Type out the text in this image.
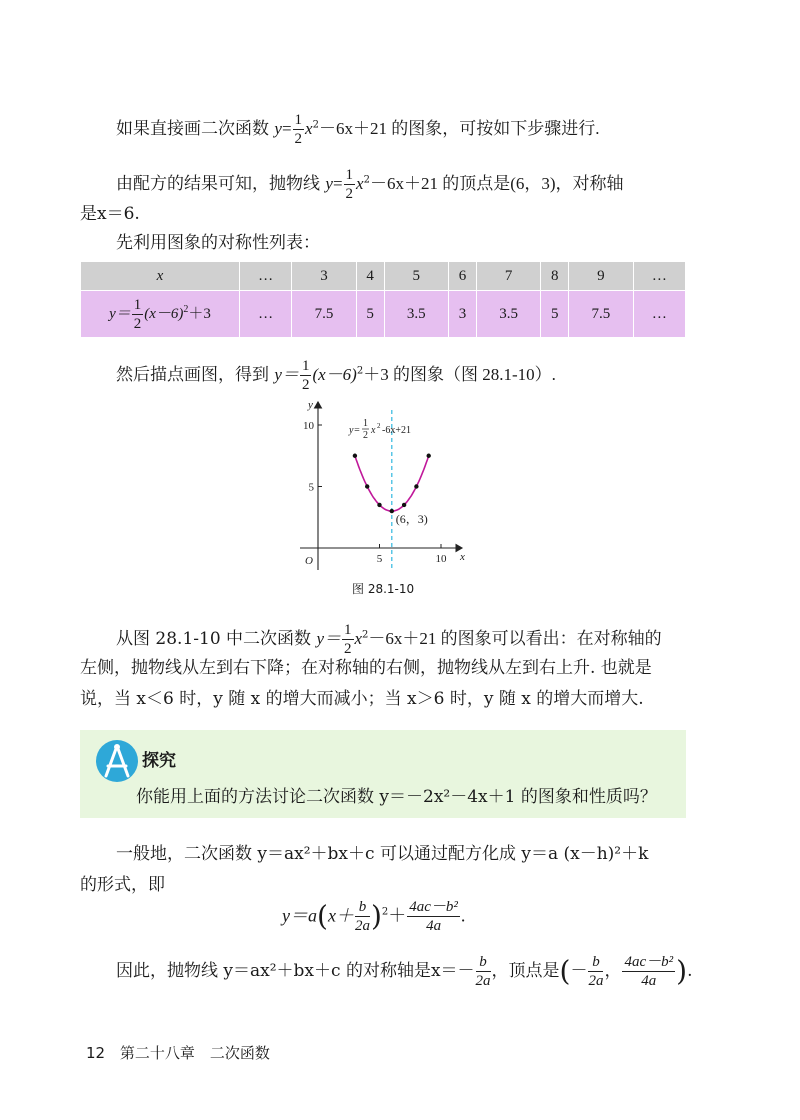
如果直接画二次函数 $y= \frac{1}{2} x^2-6x+21$ 的图象，可按如下步骤进行.
由配方的结果可知，抛物线 $y= \frac{1}{2} x^2-6x+21$ 的顶点是(6，3)，对称轴
是x＝6.
先利用图象的对称性列表：
x	…	3	4	5	6	7	8	9	…
$y= \frac{1}{2} (x-6)^2+3$	…	7.5	5	3.5	3	3.5	5	7.5	…
然后描点画图，得到 $y= \frac{1}{2} (x-6)^2+3$ 的图象（图 28.1-10）.
y
x
O	5	10
5
10
(6，3)
y=
1
2 x 2 -6x+21
图 28.1-10
从图 28.1-10 中二次函数 $y= \frac{1}{2} x^2-6x+21$ 的图象可以看出：在对称轴的
左侧，抛物线从左到右下降；在对称轴的右侧，抛物线从左到右上升. 也就是
说，当 x＜6 时，y 随 x 的增大而减小；当 x＞6 时，y 随 x 的增大而增大.
探究
你能用上面的方法讨论二次函数 y＝－2x²－4x＋1 的图象和性质吗？
一般地，二次函数 y＝ax²＋bx＋c 可以通过配方化成 y＝a (x－h)²＋k
的形式，即
$y=a(x+ \frac{b}{2a} )^2+ \frac{\text{4ac－b²}}{4a}$ .
因此，抛物线 y＝ax²＋bx＋c 的对称轴是$x=- \frac{b}{2a}$ ，顶点是(－ $\frac{b}{2a}$ ， $\frac{\text{4ac－b²}}{4a}$ ).
12 第二十八章　二次函数
